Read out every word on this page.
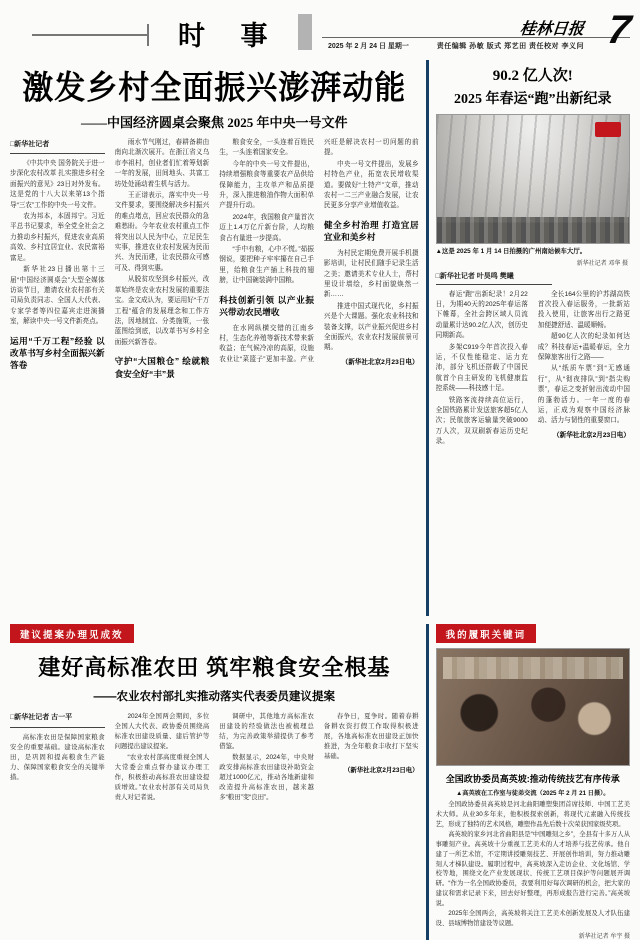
时 事	2025 年 2 月 24 日 星期一
桂林日报 7
责任编辑 孙敏 版式 郑艺田 责任校对 李义问
激发乡村全面振兴澎湃动能
——中国经济圆桌会聚焦 2025 年中央一号文件
□新华社记者

《中共中央 国务院关于进一步深化农村改革 扎实推进乡村全面振兴的意见》23日对外发布。这是党的十八大以来第13个指导“三农”工作的中央一号文件。

农为邦本，本固邦宁。习近平总书记要求，举全党全社会之力推动乡村振兴，促进农业高质高效、乡村宜居宜业、农民富裕富足。

新华社23日播出第十三届“中国经济圆桌会”大型全媒体访谈节目，邀请农业农村部有关司局负责同志、全国人大代表、专家学者等四位嘉宾走进演播室，解读中央一号文件新亮点。

运用“千万工程”经验 以改革书写乡村全面振兴新答卷

雨水节气刚过，春耕备耕由南向北渐次展开。在浙江省义乌市李祖村，创业者们忙着筹划新一年的发展，田间地头、共富工坊处处涌动着生机与活力。

王正谱表示，落实中央一号文件要求，要围绕解决乡村振兴的难点堵点，回应农民群众的急难愁盼。今年农业农村重点工作将突出以人民为中心，立足民生实事，推进农业农村发展为民而兴、为民而建，让农民群众可感可及、得到实惠。

从脱贫攻坚到乡村振兴，改革始终是农业农村发展的重要法宝。金文成认为，要运用好“千万工程”蕴含的发展理念和工作方法，因地制宜、分类施策，一张蓝图绘到底，以改革书写乡村全面振兴新答卷。

守护“大国粮仓” 绘就粮食安全好“丰”景

粮食安全，一头连着百姓民生，一头连着国家安全。

今年的中央一号文件提出，持续增强粮食等重要农产品供给保障能力，主攻单产和品质提升，深入推进粮油作物大面积单产提升行动。

2024年，我国粮食产量首次迈上1.4万亿斤新台阶，人均粮食占有量进一步提高。

“手中有粮，心中不慌。”茹振钢说，要把种子牢牢攥在自己手里，给粮食生产插上科技的翅膀，让中国碗装满中国粮。

科技创新引领 以产业振兴带动农民增收

在水网纵横交错的江南乡村，生态化养殖等新技术带来新收益；在气候冷凉的高原，设施农业让“菜篮子”更加丰盈。产业兴旺是解决农村一切问题的前提。

中央一号文件提出，发展乡村特色产业，拓宽农民增收渠道。要做好“土特产”文章，推动农村一二三产业融合发展，让农民更多分享产业增值收益。

健全乡村治理 打造宜居宜业和美乡村

为村民定期免费开展手机摄影培训，让村民们随手记录生活之美；邀请美术专业人士，帮村里设计墙绘，乡村面貌焕然一新……

推进中国式现代化，乡村振兴是个大课题。强化农业科技和装备支撑，以产业振兴促进乡村全面振兴，农业农村发展前景可期。

（新华社北京2月23日电）

90.2 亿人次!
2025 年春运“跑”出新纪录
▲这是 2025 年 1 月 14 日拍摄的广州南站候车大厅。
新华社记者 邓华 摄
□新华社记者 叶昊鸣 樊曦

春运“跑”出新纪录！2月22日，为期40天的2025年春运落下帷幕，全社会跨区域人员流动量累计达90.2亿人次，创历史同期新高。

多架C919今年首次投入春运，不仅性能稳定、运力充沛，部分飞机还搭载了中国民航首个自主研发的飞机健康监控系统——科技感十足。

铁路客流持续高位运行，全国铁路累计发送旅客超5亿人次；民航旅客运输量突破9000万人次，双双刷新春运历史纪录。

全长164公里的沪苏湖高铁首次投入春运服务，一批新站投入使用，让旅客出行之路更加便捷舒适、温暖顺畅。

超90亿人次的纪录如何达成？科技春运+温暖春运，全力保障旅客出行之路——

从“纸质车票”到“无感通行”，从“彻夜排队”到“指尖购票”，春运之变折射出流动中国的蓬勃活力。一年一度的春运，正成为观察中国经济脉动、活力与韧性的重要窗口。

（新华社北京2月23日电）

建议提案办理见成效
建好高标准农田 筑牢粮食安全根基
——农业农村部扎实推动落实代表委员建议提案
□新华社记者 古一平

高标准农田是保障国家粮食安全的重要基础。建设高标准农田，是巩固和提高粮食生产能力、保障国家粮食安全的关键举措。

2024年全国两会期间，多位全国人大代表、政协委员围绕高标准农田建设质量、建后管护等问题提出建议提案。

“农业农村部高度重视全国人大常委会重点督办建议办理工作，积极推动高标准农田建设提质增效。”农业农村部有关司局负责人对记者说。

调研中，其他地方高标准农田建设的经验做法也被梳理总结，为完善政策举措提供了参考借鉴。

数据显示，2024年，中央财政安排高标准农田建设补助资金超过1000亿元，推动各地新建和改造提升高标准农田，越来越多“粮田”变“良田”。

春争日，夏争时。随着春耕备耕农资打假工作取得积极进展，各地高标准农田建设正加快推进，为全年粮食丰收打下坚实基础。

（新华社北京2月23日电）

我的履职关键词
全国政协委员高英坡:推动传统技艺有序传承
▲高英坡在工作室与徒弟交流（2025 年 2 月 21 日摄）。

全国政协委员高英坡是河北曲阳雕塑集团首席技师、中国工艺美术大师。从业30多年来，他积极探索创新，将现代元素融入传统技艺，形成了独特的艺术风格，雕塑作品先后数十次荣获国家级奖项。

高英坡的家乡河北省曲阳县是“中国雕刻之乡”，全县有十多万人从事雕刻产业。高英坡十分重视工艺美术的人才培养与技艺传承。他自建了一所艺术馆，不定期讲授雕刻技艺、开展创作培训，努力推动雕刻人才梯队建设。履职过程中，高英坡深入走访企业、文化场馆、学校等地，围绕文化产业发展现状、传统工艺项目保护等问题展开调研。“作为一名全国政协委员，我要利用好每次调研的机会，把大家的建议和需求记录下来，回去好好整理，再形成报告进行完善。”高英坡说。

2025年全国两会，高英坡将关注工艺美术创新发展及人才队伍建设、县域博物馆建设等议题。

新华社记者 牟宇 摄
